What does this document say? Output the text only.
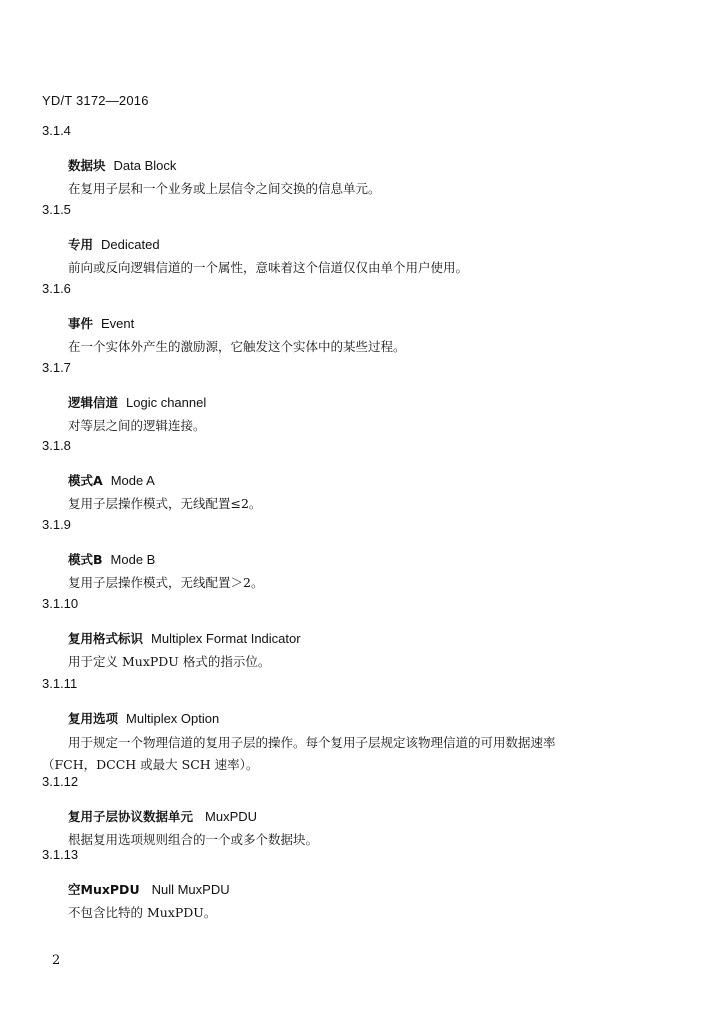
YD/T 3172—2016
3.1.4
数据块 Data Block
在复用子层和一个业务或上层信令之间交换的信息单元。
3.1.5
专用 Dedicated
前向或反向逻辑信道的一个属性，意味着这个信道仅仅由单个用户使用。
3.1.6
事件 Event
在一个实体外产生的激励源，它触发这个实体中的某些过程。
3.1.7
逻辑信道 Logic channel
对等层之间的逻辑连接。
3.1.8
模式A Mode A
复用子层操作模式，无线配置≤2。
3.1.9
模式B Mode B
复用子层操作模式，无线配置＞2。
3.1.10
复用格式标识 Multiplex Format Indicator
用于定义 MuxPDU 格式的指示位。
3.1.11
复用选项 Multiplex Option
用于规定一个物理信道的复用子层的操作。每个复用子层规定该物理信道的可用数据速率
（FCH，DCCH 或最大 SCH 速率）。
3.1.12
复用子层协议数据单元 MuxPDU
根据复用选项规则组合的一个或多个数据块。
3.1.13
空MuxPDU Null MuxPDU
不包含比特的 MuxPDU。
2
